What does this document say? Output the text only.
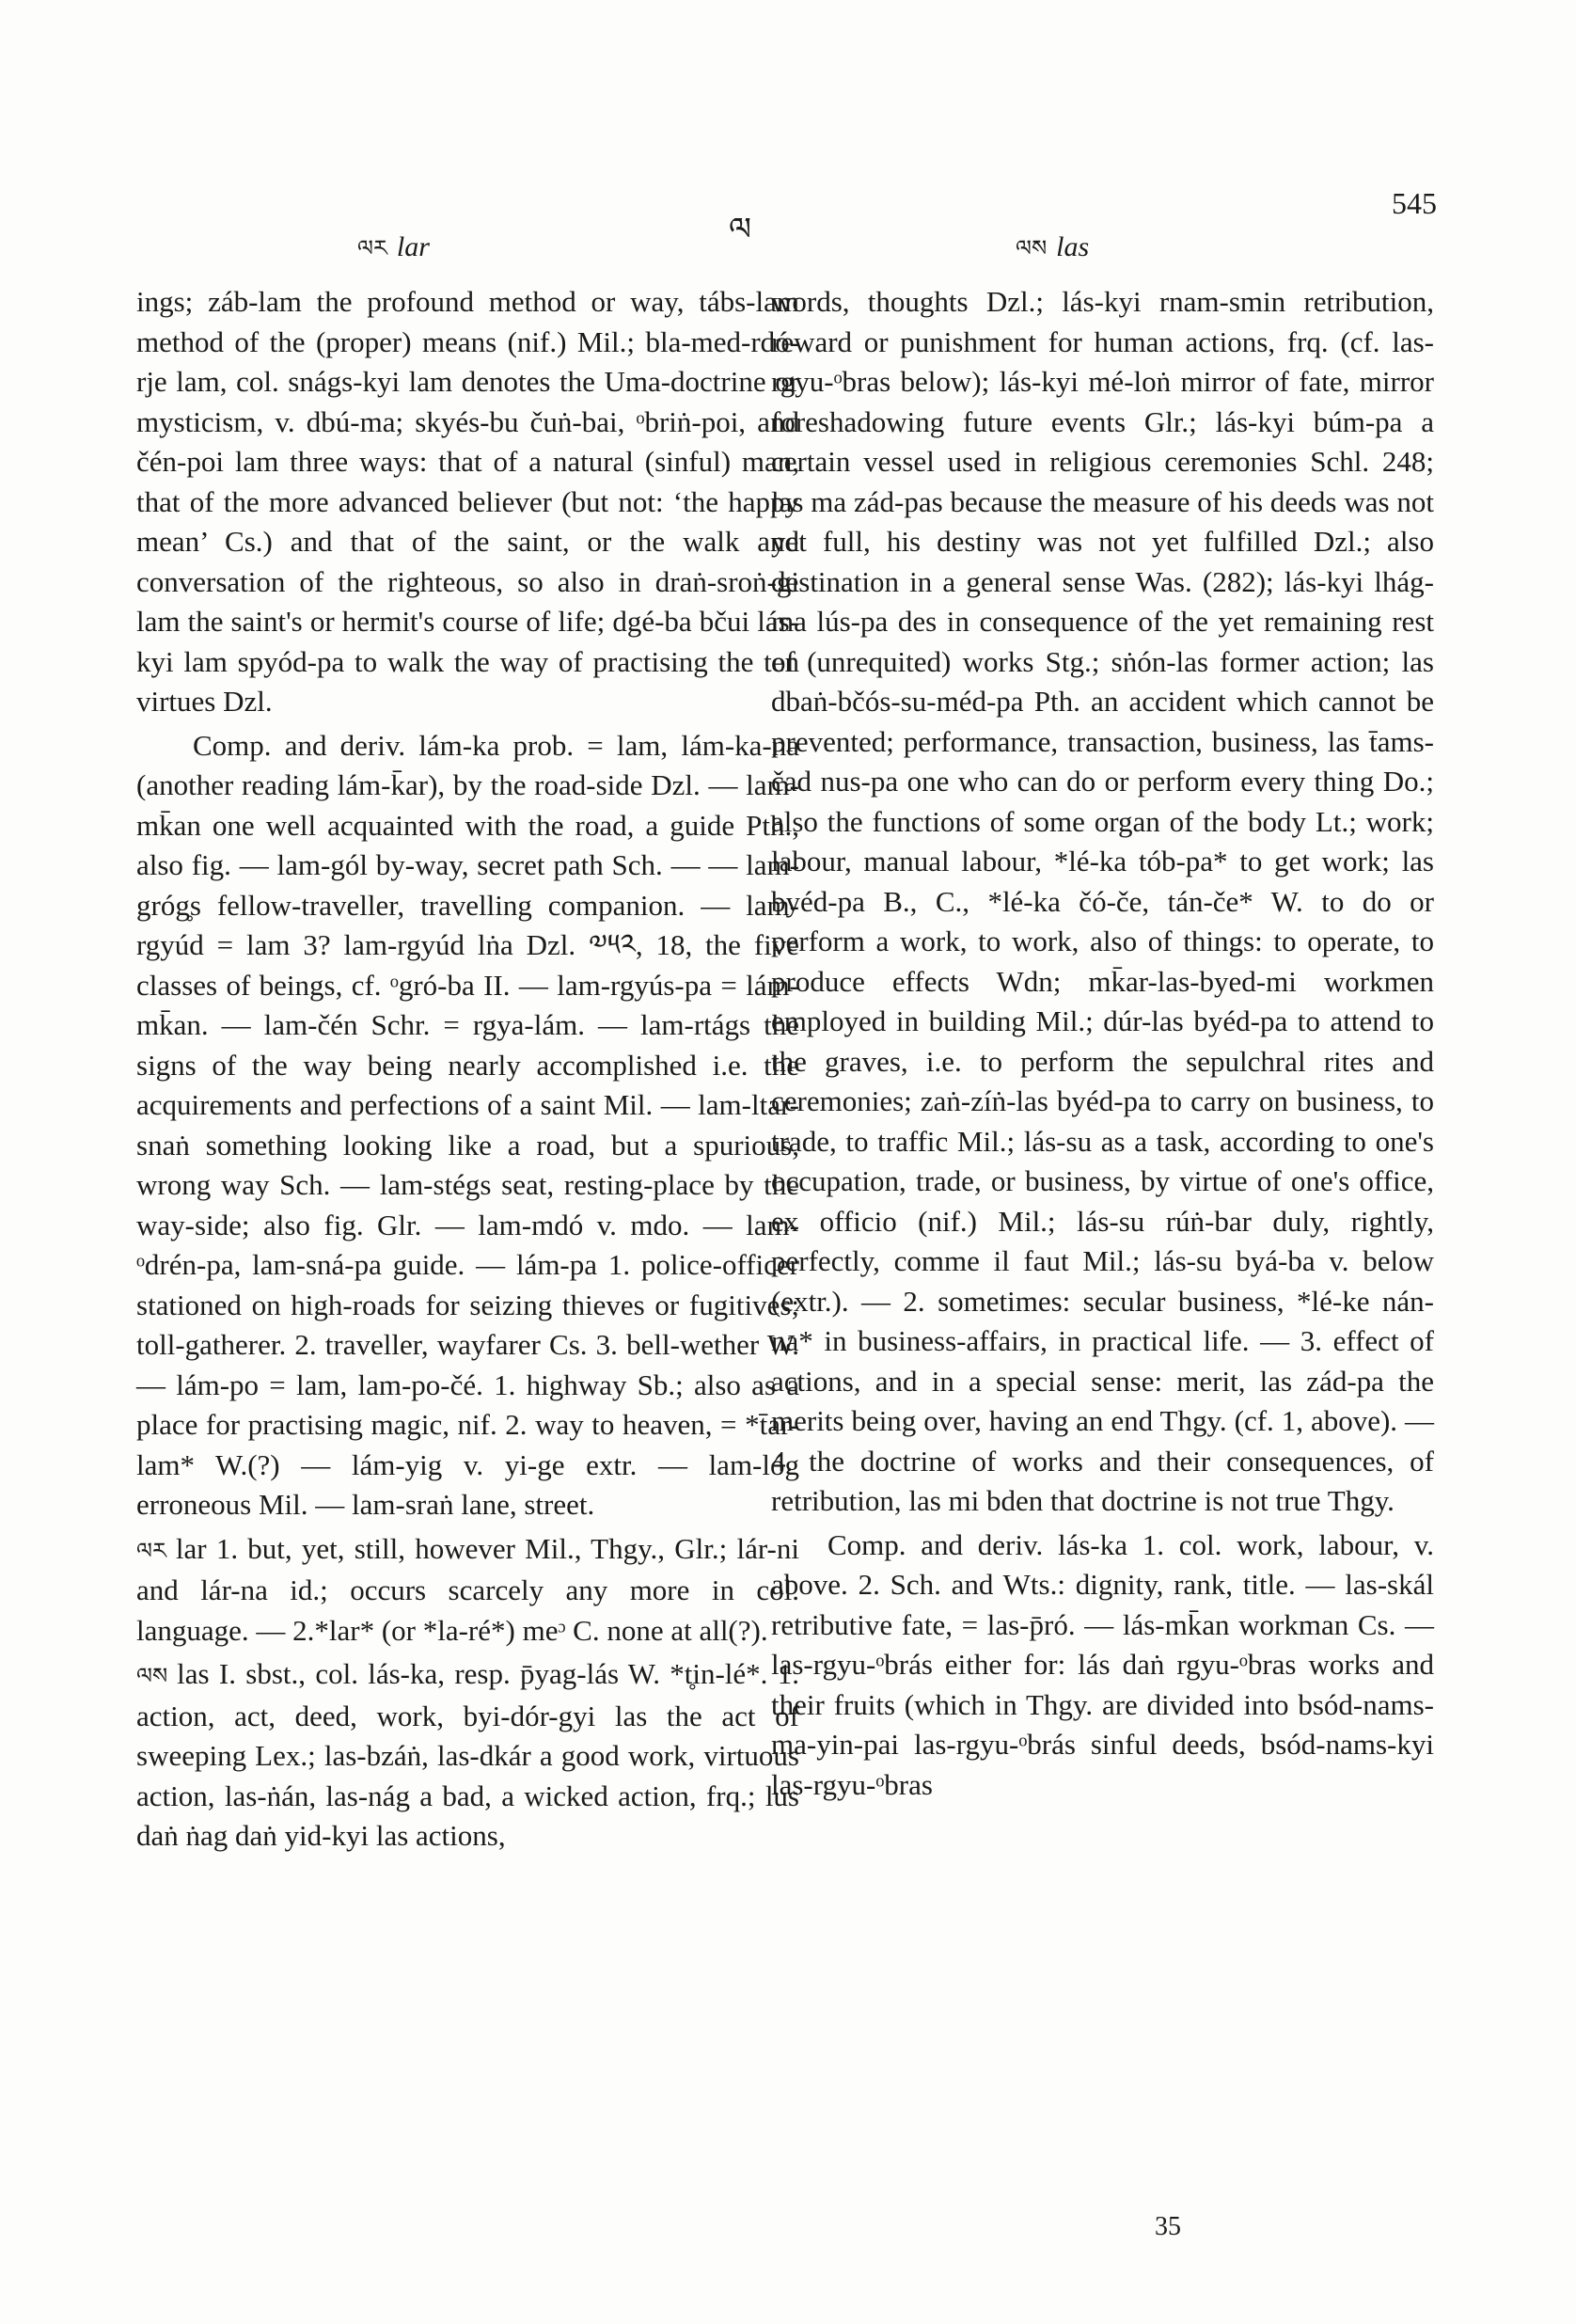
ལར lar	ལ
ལས las
545

ings; záb-lam the profound method or way, tábs-lam method of the (proper) means (nif.) Mil.; bla-med-rdó-rje lam, col. snágs-kyi lam denotes the Uma-doctrine or mysticism, v. dbú-ma; skyés-bu čuṅ-bai, ᵒbriṅ-poi, and čén-poi lam three ways: that of a natural (sinful) man, that of the more advanced believer (but not: ‘the happy mean’ Cs.) and that of the saint, or the walk and conversation of the righteous, so also in draṅ-sroṅ-gi lam the saint's or hermit's course of life; dgé-ba bčui lás-kyi lam spyód-pa to walk the way of practising the ten virtues Dzl.

Comp. and deriv. lám-ka prob. = lam, lám-ka-na (another reading lám-k̄ar), by the road-side Dzl. — lam-mk̄an one well acquainted with the road, a guide Pth., also fig. — lam-gól by-way, secret path Sch. — — lam-gróg̥s fellow-traveller, travelling companion. — lam-rgyúd = lam 3? lam-rgyúd lṅa Dzl. ༧༥༢, 18, the five classes of beings, cf. ᵒgró-ba II. — lam-rgyús-pa = lám-mk̄an. — lam-čén Schr. = rgya-lám. — lam-rtágs the signs of the way being nearly accomplished i.e. the acquirements and perfections of a saint Mil. — lam-ltar-snaṅ something looking like a road, but a spurious, wrong way Sch. — lam-stégs seat, resting-place by the way-side; also fig. Glr. — lam-mdó v. mdo. — lam-ᵒdrén-pa, lam-sná-pa guide. — lám-pa 1. police-officer stationed on high-roads for seizing thieves or fugitives; toll-gatherer. 2. traveller, wayfarer Cs. 3. bell-wether W. — lám-po = lam, lam-po-čé. 1. highway Sb.; also as a place for practising magic, nif. 2. way to heaven, = *t̄ar-lam* W.(?) — lám-yig v. yi-ge extr. — lam-lóg erroneous Mil. — lam-sraṅ lane, street.

ལར lar 1. but, yet, still, however Mil., Thgy., Glr.; lár-ni and lár-na id.; occurs scarcely any more in col. language. — 2.*lar* (or *la-ré*) meᵓ C. none at all(?).

ལས las I. sbst., col. lás-ka, resp. p̄yag-lás W. *t̥in-lé*. 1. action, act, deed, work, byi-dór-gyi las the act of sweeping Lex.; las-bzáṅ, las-dkár a good work, virtuous action, las-ṅán, las-nág a bad, a wicked action, frq.; lus daṅ ṅag daṅ yid-kyi las actions,

words, thoughts Dzl.; lás-kyi rnam-smin retribution, reward or punishment for human actions, frq. (cf. las-rgyu-ᵒbras below); lás-kyi mé-loṅ mirror of fate, mirror foreshadowing future events Glr.; lás-kyi búm-pa a certain vessel used in religious ceremonies Schl. 248; las ma zád-pas because the measure of his deeds was not yet full, his destiny was not yet fulfilled Dzl.; also destination in a general sense Was. (282); lás-kyi lhág-ma lús-pa des in consequence of the yet remaining rest of (unrequited) works Stg.; sṅón-las former action; las dbaṅ-bčós-su-méd-pa Pth. an accident which cannot be prevented; performance, transaction, business, las t̄ams-čad nus-pa one who can do or perform every thing Do.; also the functions of some organ of the body Lt.; work; labour, manual labour, *lé-ka tób-pa* to get work; las byéd-pa B., C., *lé-ka čó-če, tán-če* W. to do or perform a work, to work, also of things: to operate, to produce effects Wdn; mk̄ar-las-byed-mi workmen employed in building Mil.; dúr-las byéd-pa to attend to the graves, i.e. to perform the sepulchral rites and ceremonies; zaṅ-zíṅ-las byéd-pa to carry on business, to trade, to traffic Mil.; lás-su as a task, according to one's occupation, trade, or business, by virtue of one's office, ex officio (nif.) Mil.; lás-su rúṅ-bar duly, rightly, perfectly, comme il faut Mil.; lás-su byá-ba v. below (extr.). — 2. sometimes: secular business, *lé-ke nán-na* in business-affairs, in practical life. — 3. effect of actions, and in a special sense: merit, las zád-pa the merits being over, having an end Thgy. (cf. 1, above). — 4. the doctrine of works and their consequences, of retribution, las mi bden that doctrine is not true Thgy.

Comp. and deriv. lás-ka 1. col. work, labour, v. above. 2. Sch. and Wts.: dignity, rank, title. — las-skál retributive fate, = las-p̄ró. — lás-mk̄an workman Cs. — las-rgyu-ᵒbrás either for: lás daṅ rgyu-ᵒbras works and their fruits (which in Thgy. are divided into bsód-nams-ma-yin-pai las-rgyu-ᵒbrás sinful deeds, bsód-nams-kyi las-rgyu-ᵒbras

35
